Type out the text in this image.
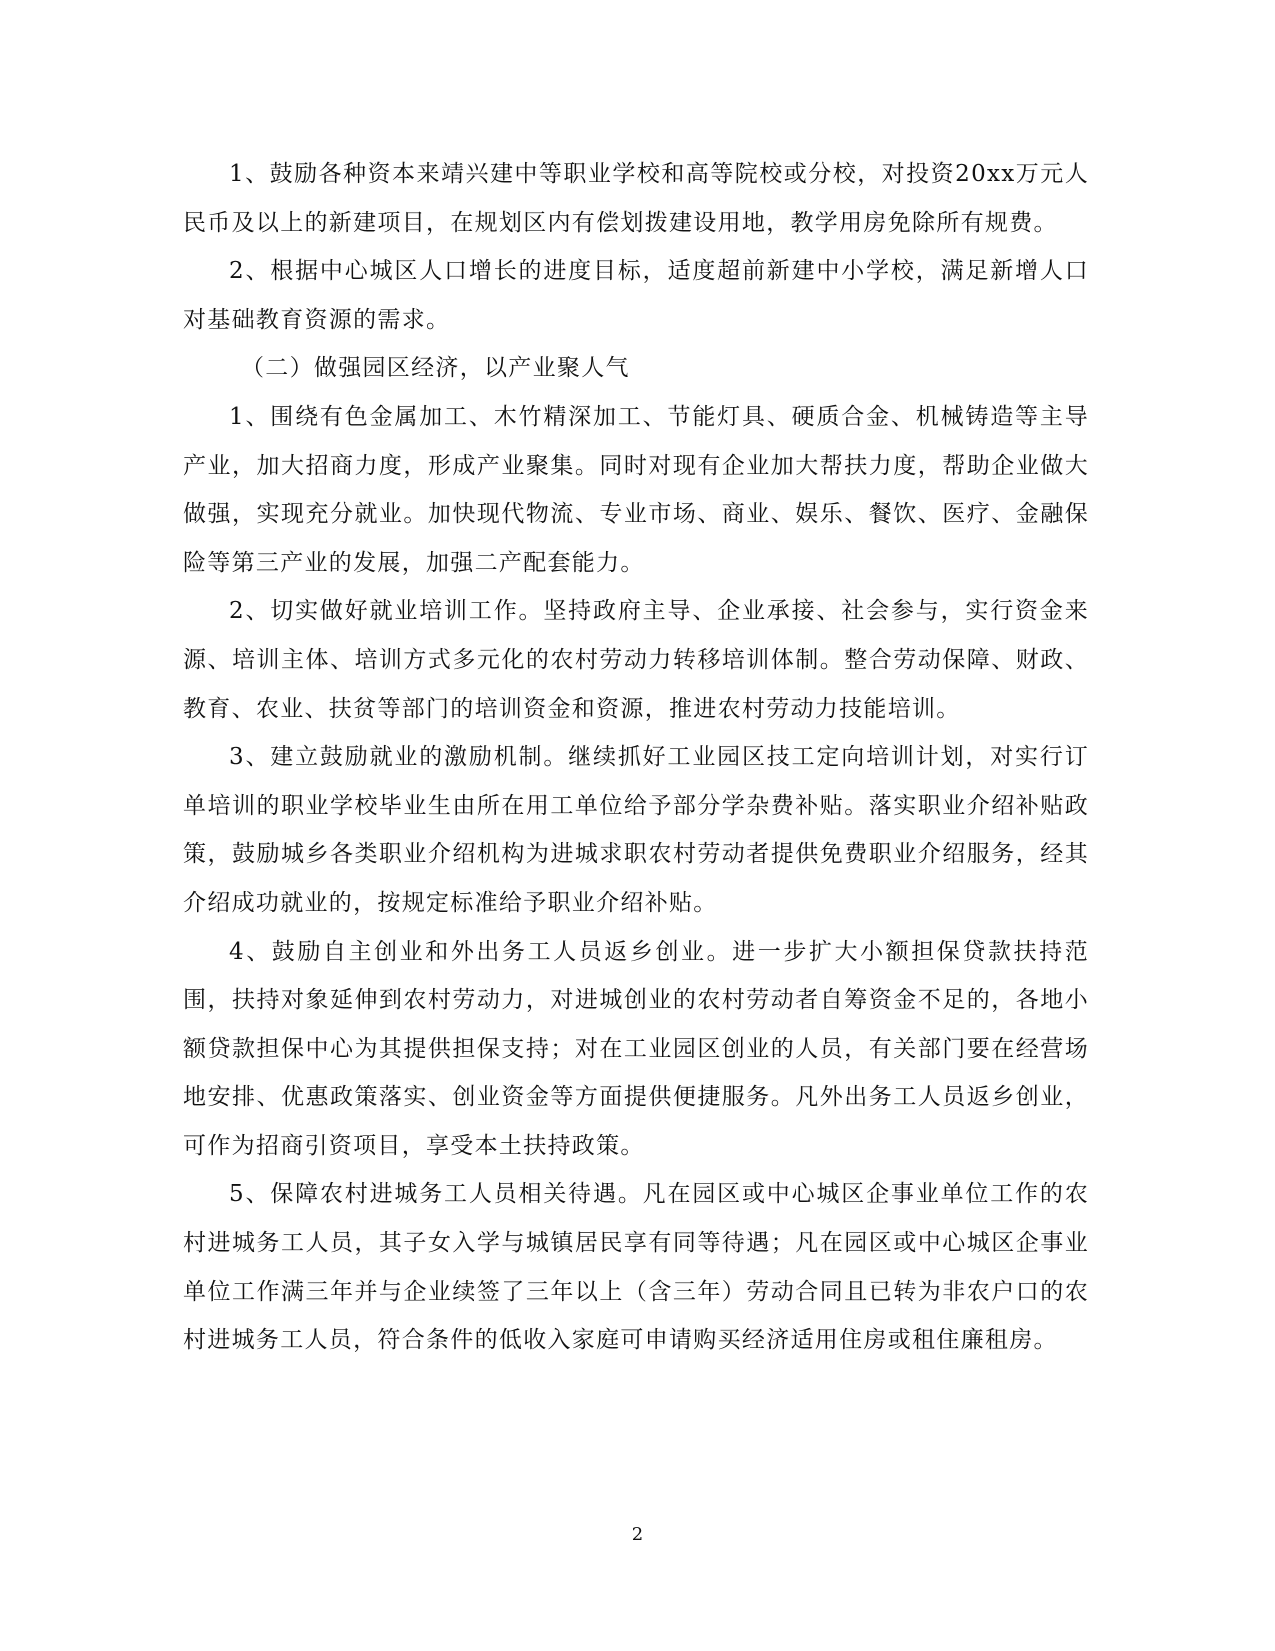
1、鼓励各种资本来靖兴建中等职业学校和高等院校或分校，对投资20xx万元人民币及以上的新建项目，在规划区内有偿划拨建设用地，教学用房免除所有规费。

2、根据中心城区人口增长的进度目标，适度超前新建中小学校，满足新增人口对基础教育资源的需求。

（二）做强园区经济，以产业聚人气

1、围绕有色金属加工、木竹精深加工、节能灯具、硬质合金、机械铸造等主导产业，加大招商力度，形成产业聚集。同时对现有企业加大帮扶力度，帮助企业做大做强，实现充分就业。加快现代物流、专业市场、商业、娱乐、餐饮、医疗、金融保险等第三产业的发展，加强二产配套能力。

2、切实做好就业培训工作。坚持政府主导、企业承接、社会参与，实行资金来源、培训主体、培训方式多元化的农村劳动力转移培训体制。整合劳动保障、财政、教育、农业、扶贫等部门的培训资金和资源，推进农村劳动力技能培训。

3、建立鼓励就业的激励机制。继续抓好工业园区技工定向培训计划，对实行订单培训的职业学校毕业生由所在用工单位给予部分学杂费补贴。落实职业介绍补贴政策，鼓励城乡各类职业介绍机构为进城求职农村劳动者提供免费职业介绍服务，经其介绍成功就业的，按规定标准给予职业介绍补贴。

4、鼓励自主创业和外出务工人员返乡创业。进一步扩大小额担保贷款扶持范围，扶持对象延伸到农村劳动力，对进城创业的农村劳动者自筹资金不足的，各地小额贷款担保中心为其提供担保支持；对在工业园区创业的人员，有关部门要在经营场地安排、优惠政策落实、创业资金等方面提供便捷服务。凡外出务工人员返乡创业，可作为招商引资项目，享受本土扶持政策。

5、保障农村进城务工人员相关待遇。凡在园区或中心城区企事业单位工作的农村进城务工人员，其子女入学与城镇居民享有同等待遇；凡在园区或中心城区企事业单位工作满三年并与企业续签了三年以上（含三年）劳动合同且已转为非农户口的农村进城务工人员，符合条件的低收入家庭可申请购买经济适用住房或租住廉租房。

2
